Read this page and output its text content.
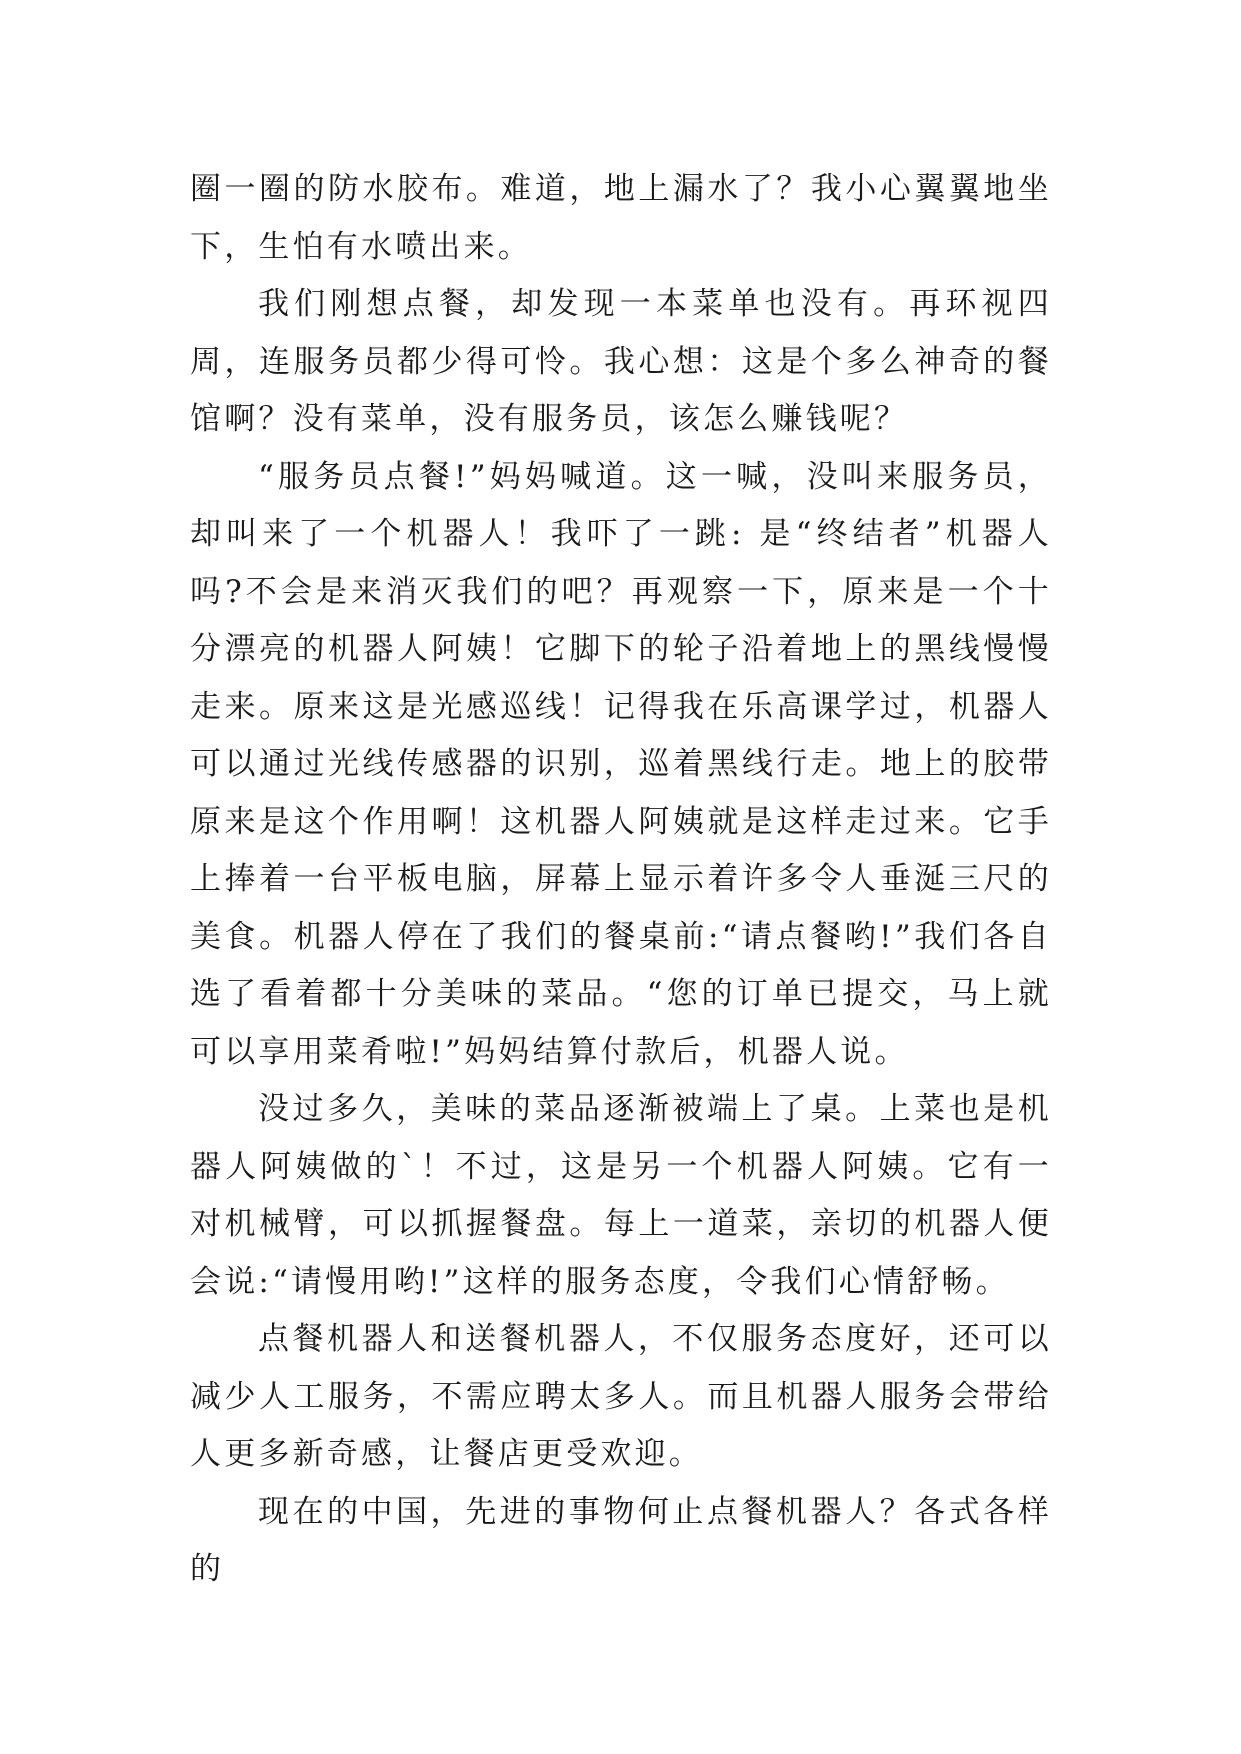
圈一圈的防水胶布。难道，地上漏水了？我小心翼翼地坐下，生怕有水喷出来。

我们刚想点餐，却发现一本菜单也没有。再环视四周，连服务员都少得可怜。我心想：这是个多么神奇的餐馆啊？没有菜单，没有服务员，该怎么赚钱呢？

“服务员点餐!”妈妈喊道。这一喊，没叫来服务员，却叫来了一个机器人！我吓了一跳: 是“终结者”机器人吗?不会是来消灭我们的吧？再观察一下，原来是一个十分漂亮的机器人阿姨！它脚下的轮子沿着地上的黑线慢慢走来。原来这是光感巡线！记得我在乐高课学过，机器人可以通过光线传感器的识别，巡着黑线行走。地上的胶带原来是这个作用啊！这机器人阿姨就是这样走过来。它手上捧着一台平板电脑，屏幕上显示着许多令人垂涎三尺的美食。机器人停在了我们的餐桌前:“请点餐哟!”我们各自选了看着都十分美味的菜品。“您的订单已提交，马上就可以享用菜肴啦!”妈妈结算付款后，机器人说。

没过多久，美味的菜品逐渐被端上了桌。上菜也是机器人阿姨做的`！不过，这是另一个机器人阿姨。它有一对机械臂，可以抓握餐盘。每上一道菜，亲切的机器人便会说:“请慢用哟!”这样的服务态度，令我们心情舒畅。

点餐机器人和送餐机器人，不仅服务态度好，还可以减少人工服务，不需应聘太多人。而且机器人服务会带给人更多新奇感，让餐店更受欢迎。

现在的中国，先进的事物何止点餐机器人？各式各样的
